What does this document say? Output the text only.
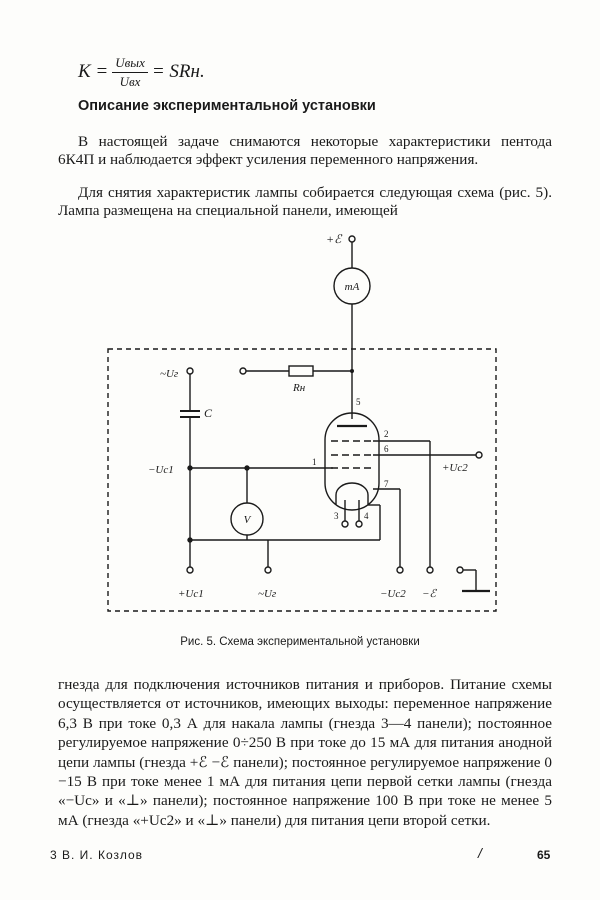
$K = \frac{\text{Uвых}}{\text{Uвх}}$ = SRн.
Описание экспериментальной установки

В настоящей задаче снимаются некоторые характеристики пентода 6К4П и наблюдается эффект усиления переменного напряжения.

Для снятия характеристик лампы собирается следующая схема (рис. 5). Лампа размещена на специальной панели, имеющей

+ℰ
mA
V
~Uг
C
Rн
−Uс1	+Uс2
+Uс1	~Uг	−Uс2 −ℰ
5
2
6
1
7
3	4
Рис. 5. Схема экспериментальной установки

гнезда для подключения источников питания и приборов. Питание схемы осуществляется от источников, имеющих выходы: переменное напряжение 6,3 В при токе 0,3 А для накала лампы (гнезда 3—4 панели); постоянное регулируемое напряжение 0÷250 В при токе до 15 мА для питания анодной цепи лампы (гнезда +ℰ −ℰ панели); постоянное регулируемое напряжение 0 −15 В при токе менее 1 мА для питания цепи первой сетки лампы (гнезда «−Uc» и «⊥» панели); постоянное напряжение 100 В при токе не менее 5 мА (гнезда «+Uc2» и «⊥» панели) для питания цепи второй сетки.

3 В. И. Козлов	/	65
